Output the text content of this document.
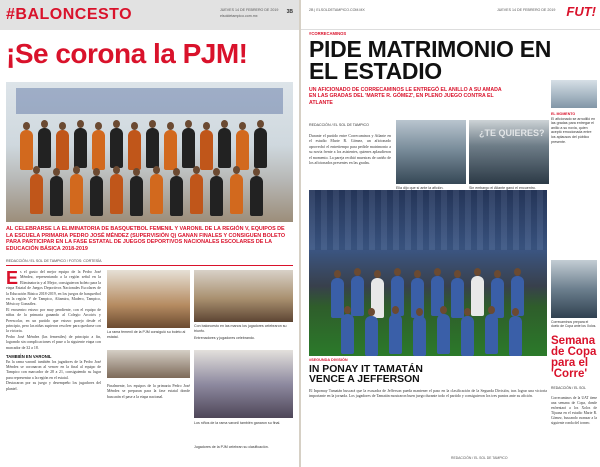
#BALONCESTO	JUEVES 14 DE FEBRERO DE 2019
elsoldetampico.com.mx
3B
¡Se corona la PJM!
AL CELEBRARSE LA ELIMINATORIA DE BASQUETBOL FEMENIL Y VARONIL DE LA REGIÓN V, EQUIPOS DE LA ESCUELA PRIMARIA PEDRO JOSÉ MÉNDEZ (SUPERVISIÓN Q) GANAN FINALES Y CONSIGUEN BOLETO PARA PARTICIPAR EN LA FASE ESTATAL DE JUEGOS DEPORTIVOS NACIONALES ESCOLARES DE LA EDUCACIÓN BÁSICA 2018-2019
REDACCIÓN / EL SOL DE TAMPICO / FOTOS: CORTESÍA
E s el gusto del mejor equipo de la Pedro José Méndez, representando a la región señal en la Eliminatoria y al Mejor, consiguieron boleto para la etapa Estatal de Juegos Deportivos Nacionales Escolares de la Educación Básica 2018-2019, en los juegos de basquetbol en la región V de Tampico, Altamira, Madero, Tampico, Méxicoy González.

El encuentro estuvo por muy pendiente, con el equipo de niñas de la primaria ganando al Colegio Arcoiris y Preescolar, en un partido que estuvo parejo desde el principio, pero las niñas supieron resolver para quedarse con la victoria.

Pedro José Méndez (las femeniles) de principio a fin, logrando sin complicaciones el pase a la siguiente etapa con marcador de 32 a 18.

TAMBIÉN EN VARONIL

En la rama varonil también los jugadores de la Pedro José Méndez se coronaron al vencer en la final al equipo de Tampico con marcador de 28 a 21, consiguiendo su lugar para representar a la región en el estatal.

Destacaron por su juego y desempeño los jugadores del plantel.

La rama femenil de la PJM consiguió su boleto al estatal.
Con baloncesto en las manos los jugadores celebraron su triunfo.
Entrenadores y jugadores celebrando.
Los niños de la rama varonil también ganaron su final.
Finalmente, los equipos de la primaria Pedro José Méndez se preparan para la fase estatal donde buscarán el pase a la etapa nacional.
Jugadores de la PJM celebran su clasificación.
2B | ELSOLDETAMPICO.COM.MX	JUEVES 14 DE FEBRERO DE 2019 FUT!
#CORRECAMINOS
PIDE MATRIMONIO EN EL ESTADIO
UN AFICIONADO DE CORRECAMINOS LE ENTREGÓ EL ANILLO A SU AMADA EN LAS GRADAS DEL 'MARTE R. GÓMEZ', EN PLENO JUEGO CONTRA EL ATLANTE
EL MOMENTO
El aficionado se arrodilló en las gradas para entregar el anillo a su novia, quien aceptó emocionada entre los aplausos del público presente.
REDACCIÓN / EL SOL DE TAMPICO
Durante el partido entre Correcaminos y Atlante en el estadio Marte R. Gómez, un aficionado aprovechó el entretiempo para pedirle matrimonio a su novia frente a los asistentes, quienes aplaudieron el momento. La pareja recibió muestras de cariño de los aficionados presentes en las gradas.
Ella dijo que sí ante la afición.
¿TE QUIERES?
Sin embargo el Atlante ganó el encuentro.
#SEGUNDA DIVISIÓN
IN PONAY IT TAMATÁN VENCE A JEFFERSON
El Inpomay Tamatán buscará que la escuadra de Jefferson pueda mantener el paso en la clasificación de la Segunda División, tras lograr una victoria importante en la jornada. Los jugadores de Tamatán mostraron buen juego durante todo el partido y consiguieron los tres puntos ante su afición.
REDACCIÓN / EL SOL DE TAMPICO
Correcaminos prepara el duelo de Copa ante los Xolos.
Semana de Copa para el 'Corre'
REDACCIÓN / EL SOL
Correcaminos de la UAT tiene una semana de Copa, donde enfrentará a los Xolos de Tijuana en el estadio Marte R. Gómez, buscando avanzar a la siguiente ronda del torneo.
